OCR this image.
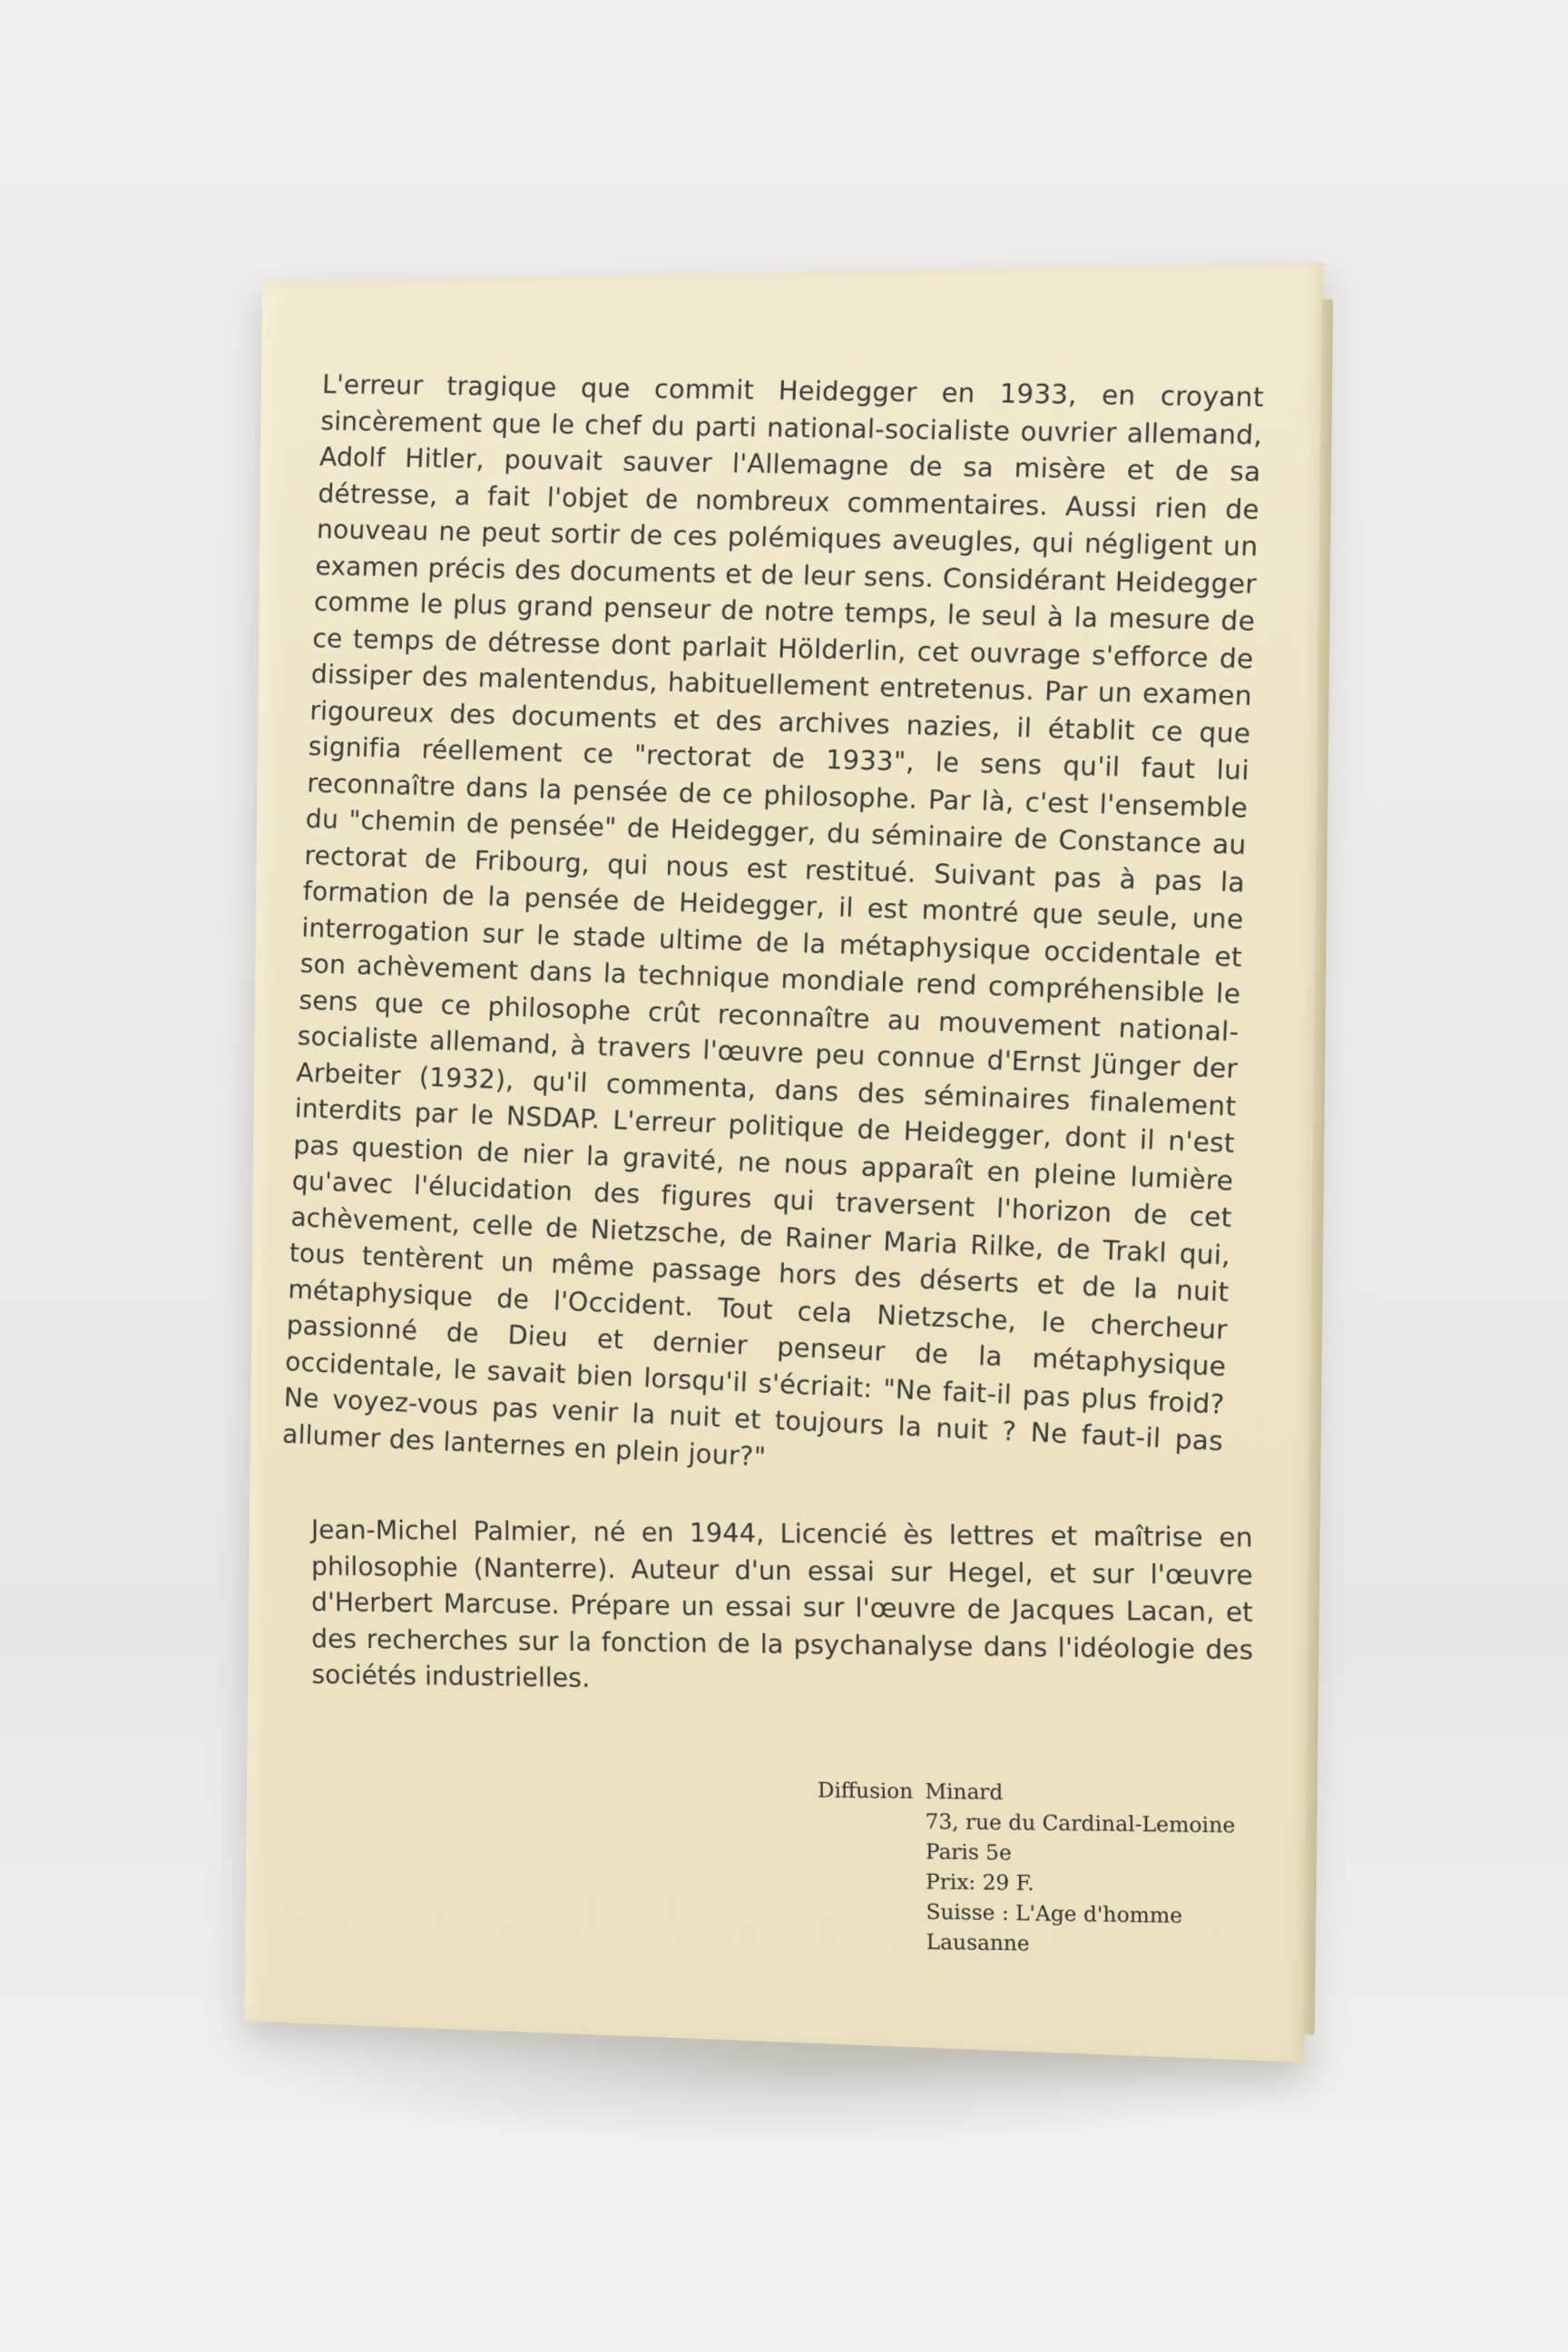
L'erreur tragique que commit Heidegger en 1933, en croyant sincèrement que le chef du parti national-socialiste ouvrier allemand, Adolf Hitler, pouvait sauver l'Allemagne de sa misère et de sa détresse, a fait l'objet de nombreux commentaires. Aussi rien de nouveau ne peut sortir de ces polémiques aveugles, qui négligent un examen précis des documents et de leur sens. Considérant Heidegger comme le plus grand penseur de notre temps, le seul à la mesure de ce temps de détresse dont parlait Hölderlin, cet ouvrage s'efforce de dissiper des malentendus, habituellement entretenus. Par un examen rigoureux des documents et des archives nazies, il établit ce que signifia réellement ce "rectorat de 1933", le sens qu'il faut lui reconnaître dans la pensée de ce philosophe. Par là, c'est l'ensemble du "chemin de pensée" de Heidegger, du séminaire de Constance au rectorat de Fribourg, qui nous est restitué. Suivant pas à pas la formation de la pensée de Heidegger, il est montré que seule, une interrogation sur le stade ultime de la métaphysique occidentale et son achèvement dans la technique mondiale rend compréhensible le sens que ce philosophe crût reconnaître au mouvement national-socialiste allemand, à travers l'œuvre peu connue d'Ernst Jünger der Arbeiter (1932), qu'il commenta, dans des séminaires finalement interdits par le NSDAP. L'erreur politique de Heidegger, dont il n'est pas question de nier la gravité, ne nous apparaît en pleine lumière qu'avec l'élucidation des figures qui traversent l'horizon de cet achèvement, celle de Nietzsche, de Rainer Maria Rilke, de Trakl qui, tous tentèrent un même passage hors des déserts et de la nuit métaphysique de l'Occident. Tout cela Nietzsche, le chercheur passionné de Dieu et dernier penseur de la métaphysique occidentale, le savait bien lorsqu'il s'écriait: "Ne fait-il pas plus froid? Ne voyez-vous pas venir la nuit et toujours la nuit ? Ne faut-il pas allumer des lanternes en plein jour?"

Jean-Michel Palmier, né en 1944, Licencié ès lettres et maîtrise en philosophie (Nanterre). Auteur d'un essai sur Hegel, et sur l'œuvre d'Herbert Marcuse. Prépare un essai sur l'œuvre de Jacques Lacan, et des recherches sur la fonction de la psychanalyse dans l'idéologie des sociétés industrielles.

Diffusion Minard
73, rue du Cardinal-Lemoine
Paris 5e
Prix: 29 F.
Suisse : L'Age d'homme
Lausanne
